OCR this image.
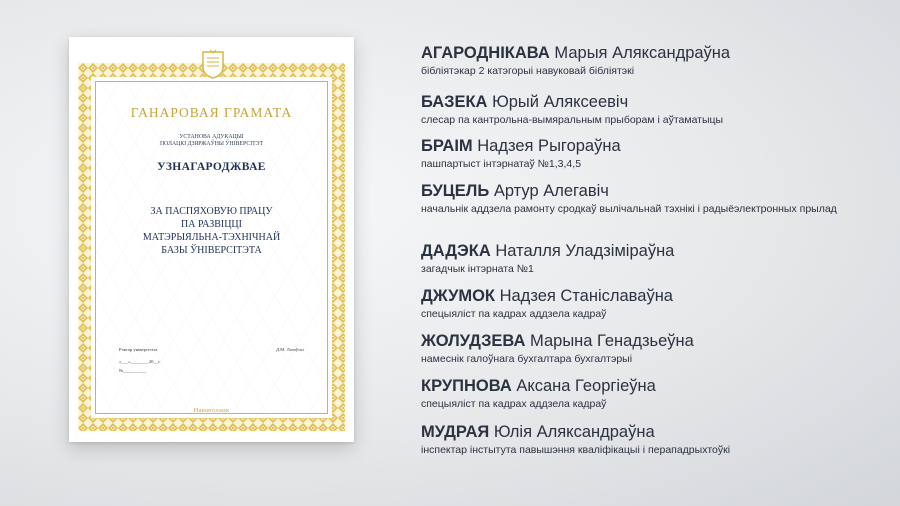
ГАНАРОВАЯ ГРАМАТА
УСТАНОВА АДУКАЦЫІ
ПОЛАЦКІ ДЗЯРЖАЎНЫ ЎНІВЕРСІТЭТ
УЗНАГАРОДЖВАЕ
ЗА ПАСПЯХОВУЮ ПРАЦУ
ПА РАЗВІЦЦІ
МАТЭРЫЯЛЬНА-ТЭХНІЧНАЙ
БАЗЫ ЎНІВЕРСІТЭТА
Рэктар універсітэта	Д.М. Лазоўскі
«___»________20__г.
№__________
Наваполацк
АГАРОДНІКАВА Марыя Аляксандраўна
бібліятэкар 2 катэгорыі навуковай бібліятэкі
БАЗЕКА Юрый Аляксеевіч
слесар па кантрольна-вымяральным прыборам і аўтаматыцы
БРАІМ Надзея Рыгораўна
пашпартыст інтэрнатаў №1,3,4,5
БУЦЕЛЬ Артур Алегавіч
начальнік аддзела рамонту сродкаў вылічальнай тэхнікі і радыёэлектронных прылад
ДАДЭКА Наталля Уладзіміраўна
загадчык інтэрната №1
ДЖУМОК Надзея Станіславаўна
спецыяліст па кадрах аддзела кадраў
ЖОЛУДЗЕВА Марына Генадзьеўна
намеснік галоўнага бухгалтара бухгалтэрыі
КРУПНОВА Аксана Георгіеўна
спецыяліст па кадрах аддзела кадраў
МУДРАЯ Юлія Аляксандраўна
інспектар інстытута павышэння кваліфікацыі і перападрыхтоўкі
